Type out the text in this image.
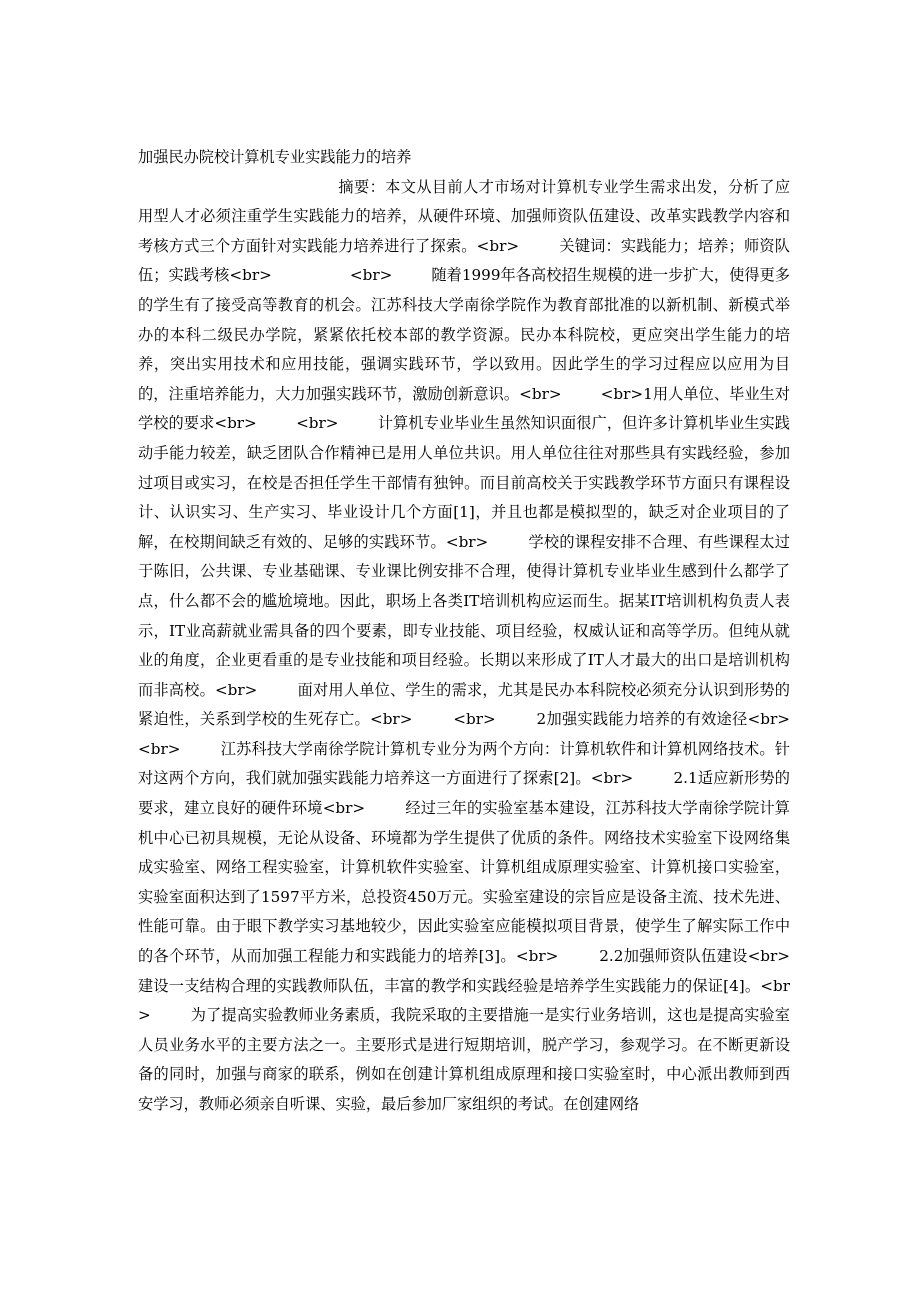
加强民办院校计算机专业实践能力的培养

摘要：本文从目前人才市场对计算机专业学生需求出发，分析了应用型人才必须注重学生实践能力的培养，从硬件环境、加强师资队伍建设、改革实践教学内容和考核方式三个方面针对实践能力培养进行了探索。<br>        关键词：实践能力；培养；师资队伍；实践考核<br>                <br>        随着1999年各高校招生规模的进一步扩大，使得更多的学生有了接受高等教育的机会。江苏科技大学南徐学院作为教育部批准的以新机制、新模式举办的本科二级民办学院，紧紧依托校本部的教学资源。民办本科院校，更应突出学生能力的培养，突出实用技术和应用技能，强调实践环节，学以致用。因此学生的学习过程应以应用为目的，注重培养能力，大力加强实践环节，激励创新意识。<br>        <br>1用人单位、毕业生对学校的要求<br>        <br>        计算机专业毕业生虽然知识面很广，但许多计算机毕业生实践动手能力较差，缺乏团队合作精神已是用人单位共识。用人单位往往对那些具有实践经验，参加过项目或实习，在校是否担任学生干部情有独钟。而目前高校关于实践教学环节方面只有课程设计、认识实习、生产实习、毕业设计几个方面[1]，并且也都是模拟型的，缺乏对企业项目的了解，在校期间缺乏有效的、足够的实践环节。<br>        学校的课程安排不合理、有些课程太过于陈旧，公共课、专业基础课、专业课比例安排不合理，使得计算机专业毕业生感到什么都学了点，什么都不会的尴尬境地。因此，职场上各类IT培训机构应运而生。据某IT培训机构负责人表示，IT业高薪就业需具备的四个要素，即专业技能、项目经验，权威认证和高等学历。但纯从就业的角度，企业更看重的是专业技能和项目经验。长期以来形成了IT人才最大的出口是培训机构而非高校。<br>        面对用人单位、学生的需求，尤其是民办本科院校必须充分认识到形势的紧迫性，关系到学校的生死存亡。<br>        <br>        2加强实践能力培养的有效途径<br>        <br>        江苏科技大学南徐学院计算机专业分为两个方向：计算机软件和计算机网络技术。针对这两个方向，我们就加强实践能力培养这一方面进行了探索[2]。<br>        2.1适应新形势的要求，建立良好的硬件环境<br>        经过三年的实验室基本建设，江苏科技大学南徐学院计算机中心已初具规模，无论从设备、环境都为学生提供了优质的条件。网络技术实验室下设网络集成实验室、网络工程实验室，计算机软件实验室、计算机组成原理实验室、计算机接口实验室，实验室面积达到了1597平方米，总投资450万元。实验室建设的宗旨应是设备主流、技术先进、性能可靠。由于眼下教学实习基地较少，因此实验室应能模拟项目背景，使学生了解实际工作中的各个环节，从而加强工程能力和实践能力的培养[3]。<br>        2.2加强师资队伍建设<br>        建设一支结构合理的实践教师队伍，丰富的教学和实践经验是培养学生实践能力的保证[4]。<br>        为了提高实验教师业务素质，我院采取的主要措施一是实行业务培训，这也是提高实验室人员业务水平的主要方法之一。主要形式是进行短期培训，脱产学习，参观学习。在不断更新设备的同时，加强与商家的联系，例如在创建计算机组成原理和接口实验室时，中心派出教师到西安学习，教师必须亲自听课、实验，最后参加厂家组织的考试。在创建网络
